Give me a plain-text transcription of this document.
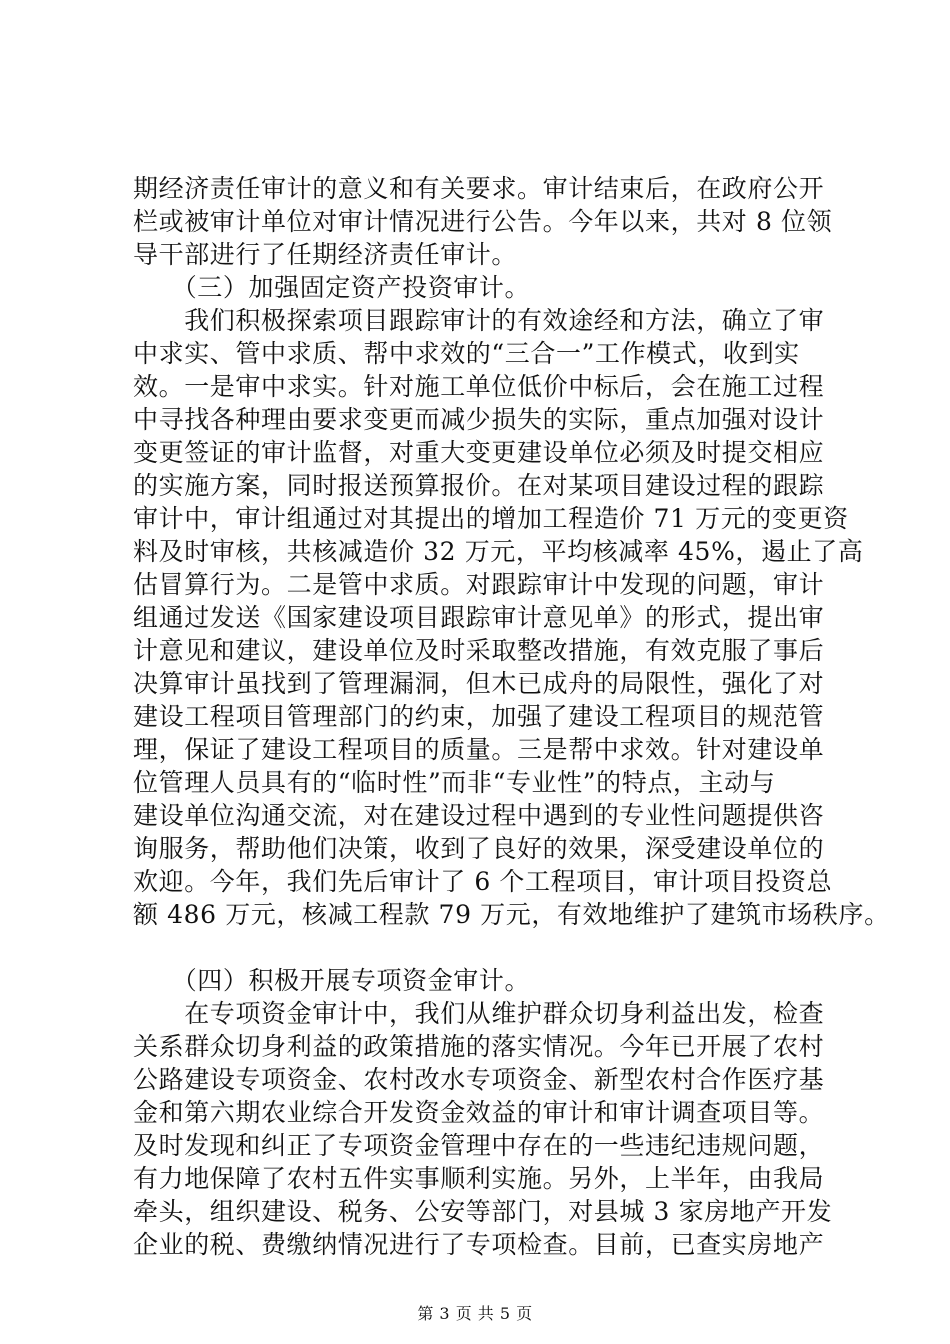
期经济责任审计的意义和有关要求。审计结束后，在政府公开
栏或被审计单位对审计情况进行公告。今年以来，共对 8 位领
导干部进行了任期经济责任审计。
　　（三）加强固定资产投资审计。
　　我们积极探索项目跟踪审计的有效途经和方法，确立了审
中求实、管中求质、帮中求效的“三合一”工作模式，收到实
效。一是审中求实。针对施工单位低价中标后，会在施工过程
中寻找各种理由要求变更而减少损失的实际，重点加强对设计
变更签证的审计监督，对重大变更建设单位必须及时提交相应
的实施方案，同时报送预算报价。在对某项目建设过程的跟踪
审计中，审计组通过对其提出的增加工程造价 71 万元的变更资
料及时审核，共核减造价 32 万元，平均核减率 45%，遏止了高
估冒算行为。二是管中求质。对跟踪审计中发现的问题，审计
组通过发送《国家建设项目跟踪审计意见单》的形式，提出审
计意见和建议，建设单位及时采取整改措施，有效克服了事后
决算审计虽找到了管理漏洞，但木已成舟的局限性，强化了对
建设工程项目管理部门的约束，加强了建设工程项目的规范管
理，保证了建设工程项目的质量。三是帮中求效。针对建设单
位管理人员具有的“临时性”而非“专业性”的特点，主动与
建设单位沟通交流，对在建设过程中遇到的专业性问题提供咨
询服务，帮助他们决策，收到了良好的效果，深受建设单位的
欢迎。今年，我们先后审计了 6 个工程项目，审计项目投资总
额 486 万元，核减工程款 79 万元，有效地维护了建筑市场秩序。
　　（四）积极开展专项资金审计。
　　在专项资金审计中，我们从维护群众切身利益出发，检查
关系群众切身利益的政策措施的落实情况。今年已开展了农村
公路建设专项资金、农村改水专项资金、新型农村合作医疗基
金和第六期农业综合开发资金效益的审计和审计调查项目等。
及时发现和纠正了专项资金管理中存在的一些违纪违规问题，
有力地保障了农村五件实事顺利实施。另外，上半年，由我局
牵头，组织建设、税务、公安等部门，对县城 3 家房地产开发
企业的税、费缴纳情况进行了专项检查。目前，已查实房地产
第 3 页 共 5 页
